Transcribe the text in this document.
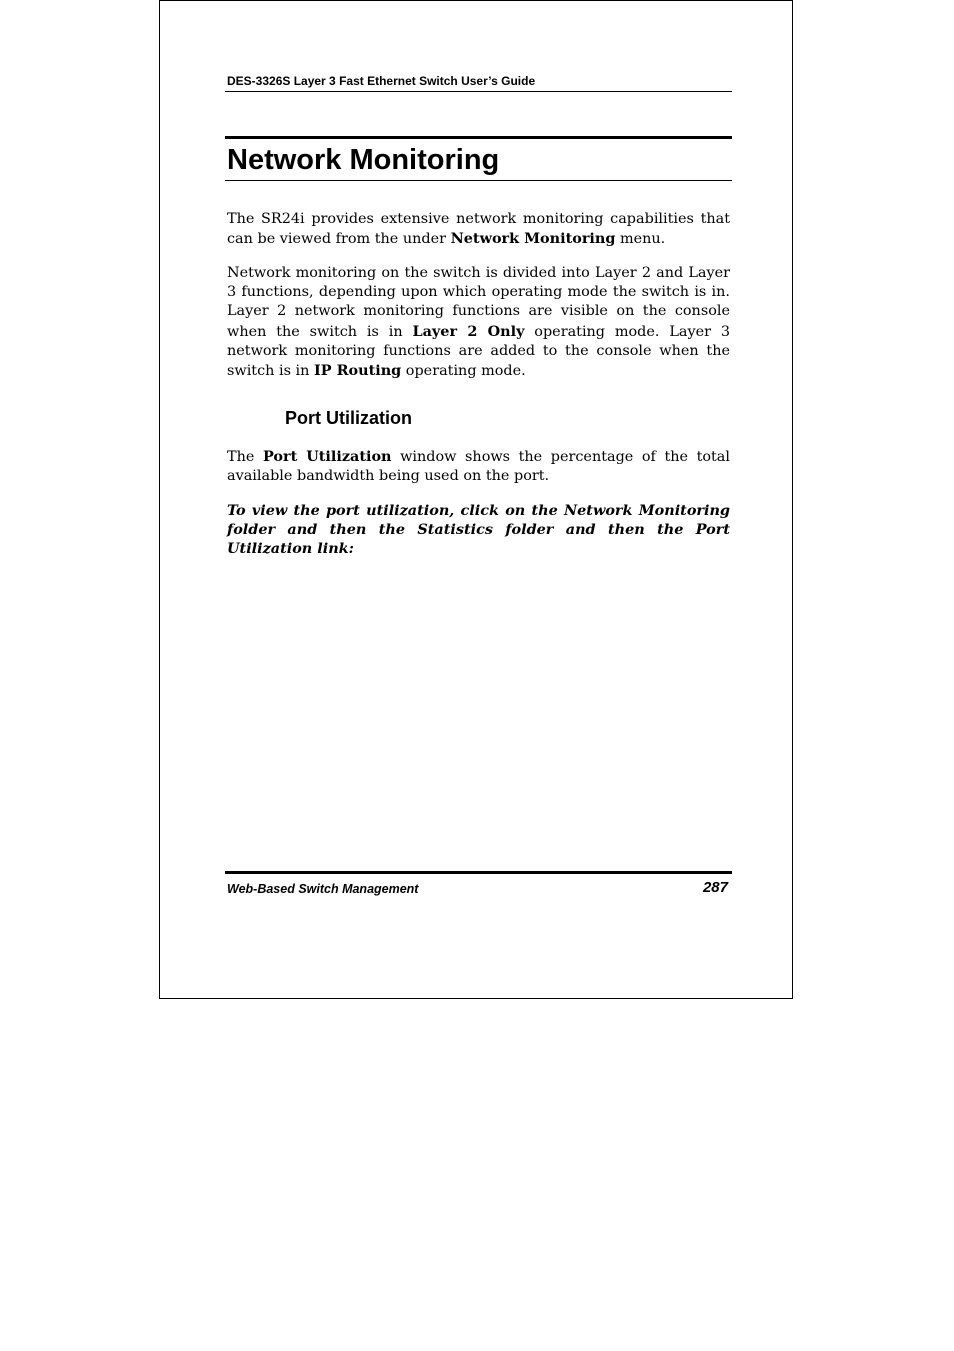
DES-3326S Layer 3 Fast Ethernet Switch User’s Guide
Network Monitoring

The SR24i provides extensive network monitoring capabilities that can be viewed from the under Network Monitoring menu.

Network monitoring on the switch is divided into Layer 2 and Layer 3 functions, depending upon which operating mode the switch is in. Layer 2 network monitoring functions are visible on the console when the switch is in Layer 2 Only operating mode. Layer 3 network monitoring functions are added to the console when the switch is in IP Routing operating mode.

Port Utilization

The Port Utilization window shows the percentage of the total available bandwidth being used on the port.

To view the port utilization, click on the Network Monitoring folder and then the Statistics folder and then the Port Utilization link:

Web-Based Switch Management	287
